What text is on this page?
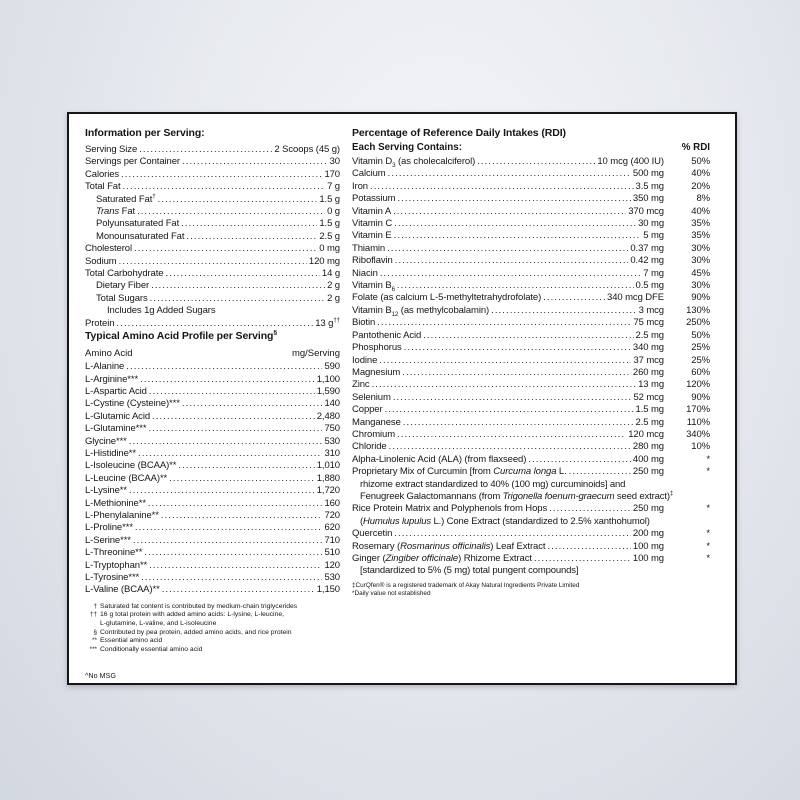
Information per Serving:
Serving Size .....	2 Scoops (45 g)
Servings per Container .....	30
Calories .....	170
Total Fat .....	7 g
Saturated Fat† .....	1.5 g
Trans Fat .....	0 g
Polyunsaturated Fat .....	1.5 g
Monounsaturated Fat .....	2.5 g
Cholesterol .....	0 mg
Sodium .....	120 mg
Total Carbohydrate .....	14 g
Dietary Fiber .....	2 g
Total Sugars .....	2 g
Includes 1g Added Sugars
Protein .....	13 g††
Typical Amino Acid Profile per Serving§
Amino Acid	mg/Serving
L-Alanine .....	590
L-Arginine*** .....	1,100
L-Aspartic Acid .....	1,590
L-Cystine (Cysteine)*** .....	140
L-Glutamic Acid .....	2,480
L-Glutamine*** .....	750
Glycine*** .....	530
L-Histidine** .....	310
L-Isoleucine (BCAA)** .....	1,010
L-Leucine (BCAA)** .....	1,880
L-Lysine** .....	1,720
L-Methionine** .....	160
L-Phenylalanine** .....	720
L-Proline*** .....	620
L-Serine*** .....	710
L-Threonine** .....	510
L-Tryptophan** .....	120
L-Tyrosine*** .....	530
L-Valine (BCAA)** .....	1,150
† Saturated fat content is contributed by medium-chain triglycerides
†† 16 g total protein with added amino acids: L-lysine, L-leucine,
L-glutamine, L-valine, and L-isoleucine
§ Contributed by pea protein, added amino acids, and rice protein
** Essential amino acid
*** Conditionally essential amino acid
^No MSG
Percentage of Reference Daily Intakes (RDI)
Each Serving Contains:	% RDI
Vitamin $D_3$ (as cholecalciferol) .....	10 mcg (400 IU)	50%
Calcium .....	500 mg	40%
Iron .....	3.5 mg	20%
Potassium .....	350 mg	8%
Vitamin A .....	370 mcg	40%
Vitamin C .....	30 mg	35%
Vitamin E .....	5 mg	35%
Thiamin .....	0.37 mg	30%
Riboflavin .....	0.42 mg	30%
Niacin .....	7 mg	45%
Vitamin $B_6$ .....	0.5 mg	30%
Folate (as calcium L-5-methyltetrahydrofolate) .....	340 mcg DFE	90%
Vitamin $B_{12}$ (as methylcobalamin) .....	3 mcg	130%
Biotin .....	75 mcg	250%
Pantothenic Acid .....	2.5 mg	50%
Phosphorus .....	340 mg	25%
Iodine .....	37 mcg	25%
Magnesium .....	260 mg	60%
Zinc .....	13 mg	120%
Selenium .....	52 mcg	90%
Copper .....	1.5 mg	170%
Manganese .....	2.5 mg	110%
Chromium .....	120 mcg	340%
Chloride .....	280 mg	10%
Alpha-Linolenic Acid (ALA) (from flaxseed) .....	400 mg	*
Proprietary Mix of Curcumin [from Curcuma longa L. .....	250 mg	*
rhizome extract standardized to 40% (100 mg) curcuminoids] and
Fenugreek Galactomannans (from Trigonella foenum-graecum seed extract)‡
Rice Protein Matrix and Polyphenols from Hops .....	250 mg	*
(Humulus lupulus L.) Cone Extract (standardized to 2.5% xanthohumol)
Quercetin .....	200 mg	*
Rosemary (Rosmarinus officinalis) Leaf Extract .....	100 mg	*
Ginger (Zingiber officinale) Rhizome Extract .....	100 mg	*
[standardized to 5% (5 mg) total pungent compounds]
‡CurQfen® is a registered trademark of Akay Natural Ingredients Private Limited
*Daily value not established
